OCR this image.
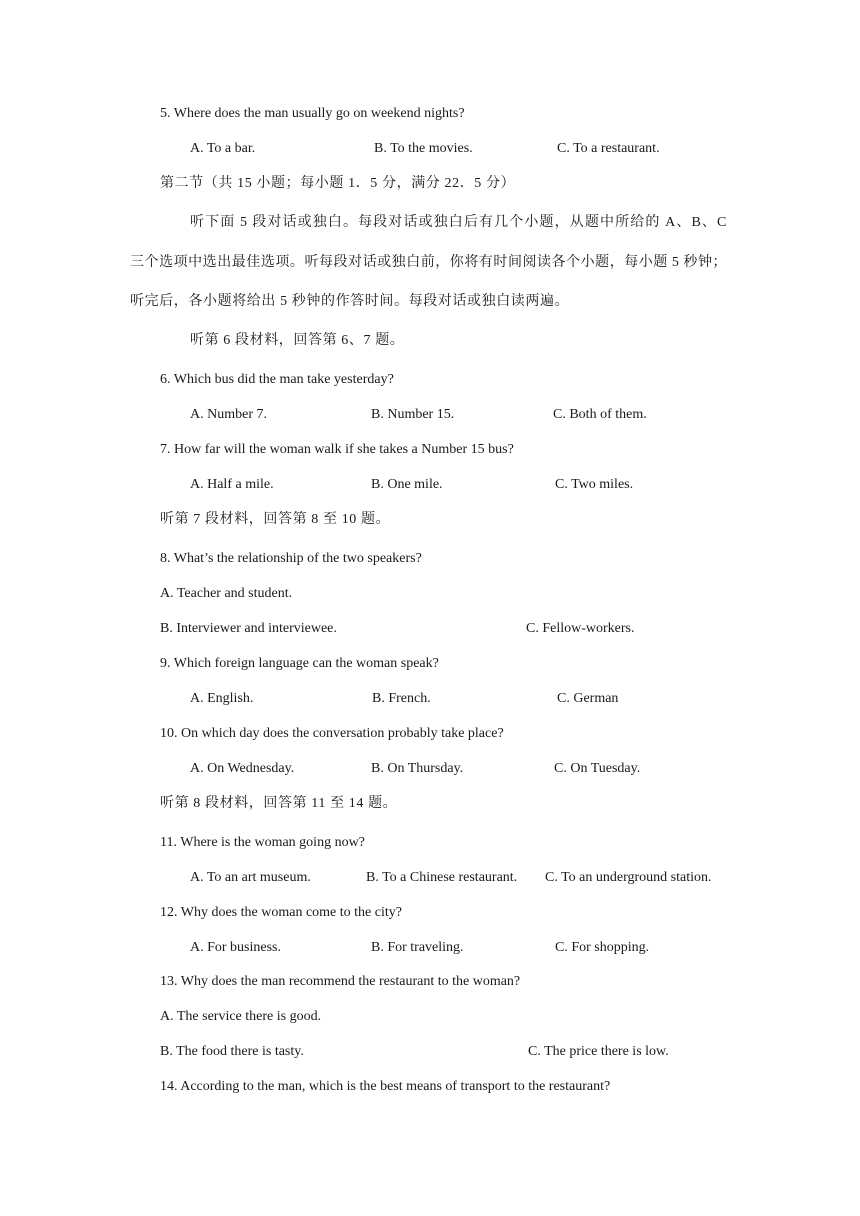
5. Where does the man usually go on weekend nights?
A. To a bar.	B. To the movies.	C. To a restaurant.
第二节（共 15 小题；每小题 1．5 分，满分 22．5 分）
听下面 5 段对话或独白。每段对话或独白后有几个小题，从题中所给的 A、B、C
三个选项中选出最佳选项。听每段对话或独白前，你将有时间阅读各个小题，每小题 5 秒钟；
听完后，各小题将给出 5 秒钟的作答时间。每段对话或独白读两遍。
听第 6 段材料，回答第 6、7 题。
6. Which bus did the man take yesterday?
A. Number 7.	B. Number 15.	C. Both of them.
7. How far will the woman walk if she takes a Number 15 bus?
A. Half a mile.	B. One mile.	C. Two miles.
听第 7 段材料，回答第 8 至 10 题。
8. What’s the relationship of the two speakers?
A. Teacher and student.
B. Interviewer and interviewee.	C. Fellow-workers.
9. Which foreign language can the woman speak?
A. English.	B. French.	C. German
10. On which day does the conversation probably take place?
A. On Wednesday.	B. On Thursday.	C. On Tuesday.
听第 8 段材料，回答第 11 至 14 题。
11. Where is the woman going now?
A. To an art museum.	B. To a Chinese restaurant. C. To an underground station.
12. Why does the woman come to the city?
A. For business.	B. For traveling.	C. For shopping.
13. Why does the man recommend the restaurant to the woman?
A. The service there is good.
B. The food there is tasty.	C. The price there is low.
14. According to the man, which is the best means of transport to the restaurant?
